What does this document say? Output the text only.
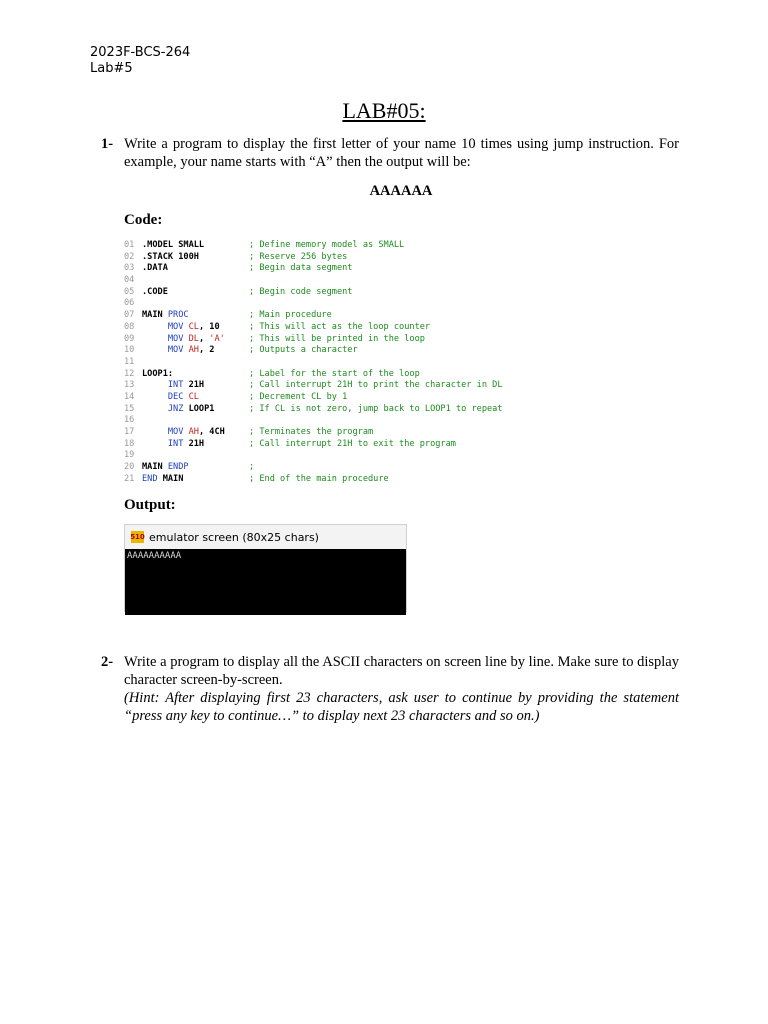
2023F-BCS-264
Lab#5
LAB#05:
1- Write a program to display the first letter of your name 10 times using jump instruction. For example, your name starts with “A” then the output will be:
AAAAAA
Code:
01 .MODEL SMALL	; Define memory model as SMALL
02 .STACK 100H	; Reserve 256 bytes
03 .DATA	; Begin data segment
04
05 .CODE	; Begin code segment
06
07 MAIN PROC	; Main procedure
08 MOV CL, 10	; This will act as the loop counter
09 MOV DL, 'A'	; This will be printed in the loop
10 MOV AH, 2	; Outputs a character
11
12 LOOP1:	; Label for the start of the loop
13 INT 21H	; Call interrupt 21H to print the character in DL
14 DEC CL	; Decrement CL by 1
15 JNZ LOOP1	; If CL is not zero, jump back to LOOP1 to repeat
16
17 MOV AH, 4CH	; Terminates the program
18 INT 21H	; Call interrupt 21H to exit the program
19
20 MAIN ENDP	;
21 END MAIN	; End of the main procedure
Output:
510 emulator screen (80x25 chars)
AAAAAAAAAA
2- Write a program to display all the ASCII characters on screen line by line. Make sure to display character screen-by-screen.
(Hint: After displaying first 23 characters, ask user to continue by providing the statement “press any key to continue…” to display next 23 characters and so on.)
